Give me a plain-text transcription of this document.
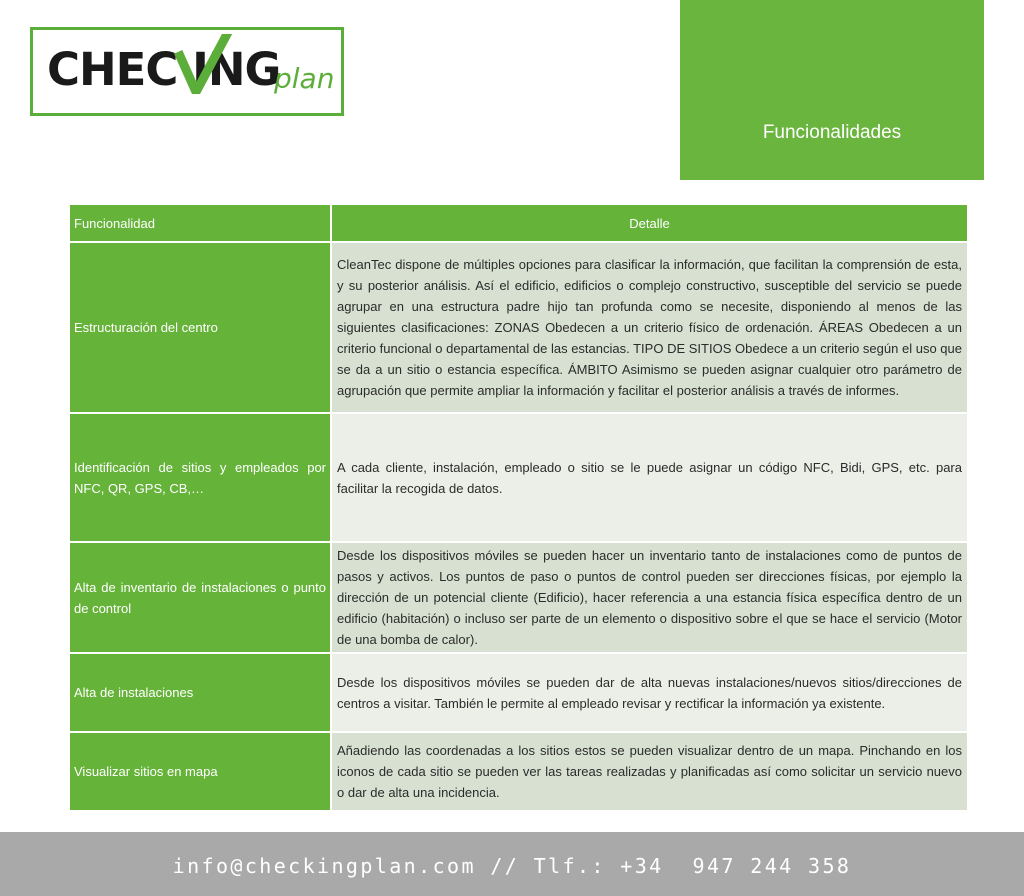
CHEC ING
plan
Funcionalidades
Funcionalidad	Detalle
Estructuración del centro	CleanTec dispone de múltiples opciones para clasificar la información, que facilitan la comprensión de esta, y su posterior análisis. Así el edificio, edificios o complejo constructivo, susceptible del servicio se puede agrupar en una estructura padre hijo tan profunda como se necesite, disponiendo al menos de las siguientes clasificaciones: ZONAS Obedecen a un criterio físico de ordenación. ÁREAS Obedecen a un criterio funcional o departamental de las estancias. TIPO DE SITIOS Obedece a un criterio según el uso que se da a un sitio o estancia específica. ÁMBITO Asimismo se pueden asignar cualquier otro parámetro de agrupación que permite ampliar la información y facilitar el posterior análisis a través de informes.
Identificación de sitios y empleados por NFC, QR, GPS, CB,…	A cada cliente, instalación, empleado o sitio se le puede asignar un código NFC, Bidi, GPS, etc. para facilitar la recogida de datos.
Alta de inventario de instalaciones o punto de control	Desde los dispositivos móviles se pueden hacer un inventario tanto de instalaciones como de puntos de pasos y activos. Los puntos de paso o puntos de control pueden ser direcciones físicas, por ejemplo la dirección de un potencial cliente (Edificio), hacer referencia a una estancia física específica dentro de un edificio (habitación) o incluso ser parte de un elemento o dispositivo sobre el que se hace el servicio (Motor de una bomba de calor).
Alta de instalaciones	Desde los dispositivos móviles se pueden dar de alta nuevas instalaciones/nuevos sitios/direcciones de centros a visitar. También le permite al empleado revisar y rectificar la información ya existente.
Visualizar sitios en mapa	Añadiendo las coordenadas a los sitios estos se pueden visualizar dentro de un mapa. Pinchando en los iconos de cada sitio se pueden ver las tareas realizadas y planificadas así como solicitar un servicio nuevo o dar de alta una incidencia.
info@checkingplan.com // Tlf.: +34  947 244 358
